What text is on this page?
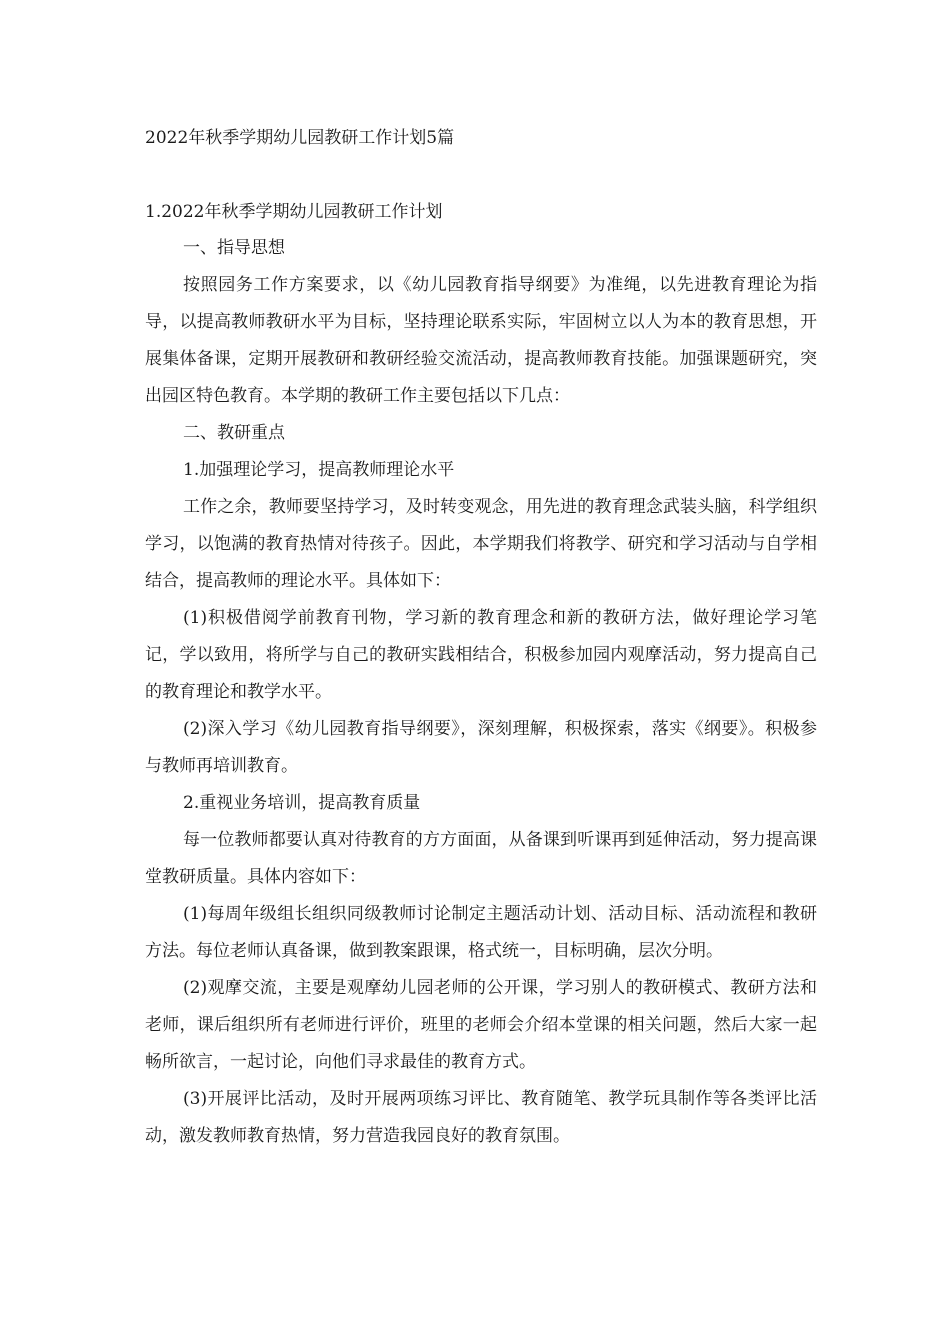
2022年秋季学期幼儿园教研工作计划5篇
1.2022年秋季学期幼儿园教研工作计划

一、指导思想

按照园务工作方案要求，以《幼儿园教育指导纲要》为准绳，以先进教育理论为指导，以提高教师教研水平为目标，坚持理论联系实际，牢固树立以人为本的教育思想，开展集体备课，定期开展教研和教研经验交流活动，提高教师教育技能。加强课题研究，突出园区特色教育。本学期的教研工作主要包括以下几点：

二、教研重点

1.加强理论学习，提高教师理论水平

工作之余，教师要坚持学习，及时转变观念，用先进的教育理念武装头脑，科学组织学习，以饱满的教育热情对待孩子。因此，本学期我们将教学、研究和学习活动与自学相结合，提高教师的理论水平。具体如下：

(1)积极借阅学前教育刊物，学习新的教育理念和新的教研方法，做好理论学习笔记，学以致用，将所学与自己的教研实践相结合，积极参加园内观摩活动，努力提高自己的教育理论和教学水平。

(2)深入学习《幼儿园教育指导纲要》，深刻理解，积极探索，落实《纲要》。积极参与教师再培训教育。

2.重视业务培训，提高教育质量

每一位教师都要认真对待教育的方方面面，从备课到听课再到延伸活动，努力提高课堂教研质量。具体内容如下：

(1)每周年级组长组织同级教师讨论制定主题活动计划、活动目标、活动流程和教研方法。每位老师认真备课，做到教案跟课，格式统一，目标明确，层次分明。

(2)观摩交流，主要是观摩幼儿园老师的公开课，学习别人的教研模式、教研方法和老师，课后组织所有老师进行评价，班里的老师会介绍本堂课的相关问题，然后大家一起畅所欲言，一起讨论，向他们寻求最佳的教育方式。

(3)开展评比活动，及时开展两项练习评比、教育随笔、教学玩具制作等各类评比活动，激发教师教育热情，努力营造我园良好的教育氛围。
